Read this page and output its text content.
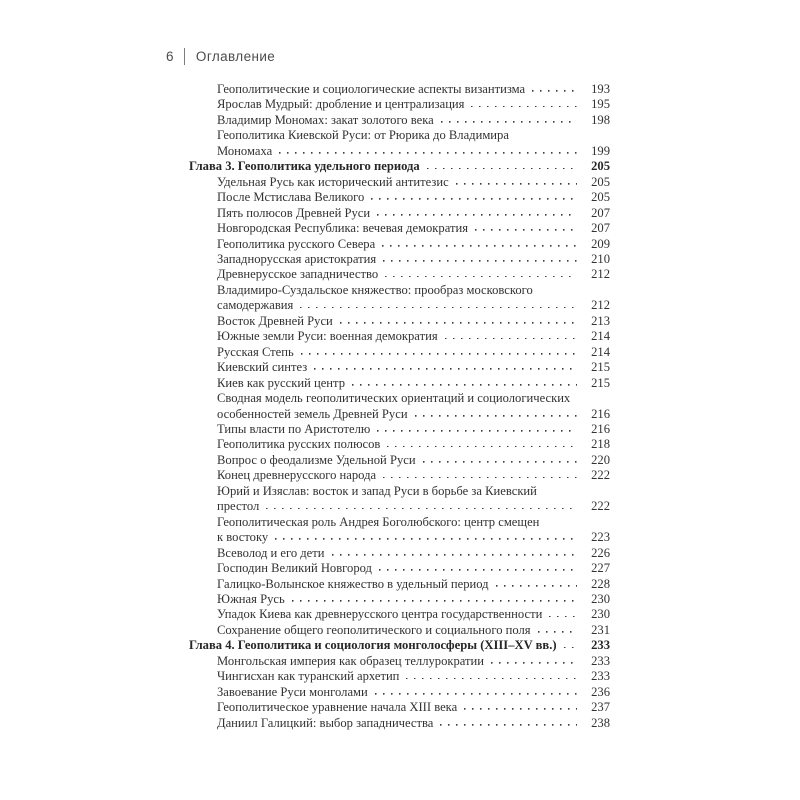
6 Оглавление
Геополитические и социологические аспекты византизма	193
Ярослав Мудрый: дробление и централизация	195
Владимир Мономах: закат золотого века	198
Геополитика Киевской Руси: от Рюрика до Владимира
Мономаха	199
Глава 3. Геополитика удельного периода	205
Удельная Русь как исторический антитезис	205
После Мстислава Великого	205
Пять полюсов Древней Руси	207
Новгородская Республика: вечевая демократия	207
Геополитика русского Севера	209
Западнорусская аристократия	210
Древнерусское западничество	212
Владимиро-Суздальское княжество: прообраз московского
самодержавия	212
Восток Древней Руси	213
Южные земли Руси: военная демократия	214
Русская Степь	214
Киевский синтез	215
Киев как русский центр	215
Сводная модель геополитических ориентаций и социологических
особенностей земель Древней Руси	216
Типы власти по Аристотелю	216
Геополитика русских полюсов	218
Вопрос о феодализме Удельной Руси	220
Конец древнерусского народа	222
Юрий и Изяслав: восток и запад Руси в борьбе за Киевский
престол	222
Геополитическая роль Андрея Боголюбского: центр смещен
к востоку	223
Всеволод и его дети	226
Господин Великий Новгород	227
Галицко-Волынское княжество в удельный период	228
Южная Русь	230
Упадок Киева как древнерусского центра государственности	230
Сохранение общего геополитического и социального поля	231
Глава 4. Геополитика и социология монголосферы (XIII–XV вв.)	233
Монгольская империя как образец теллурократии	233
Чингисхан как туранский архетип	233
Завоевание Руси монголами	236
Геополитическое уравнение начала XIII века	237
Даниил Галицкий: выбор западничества	238
